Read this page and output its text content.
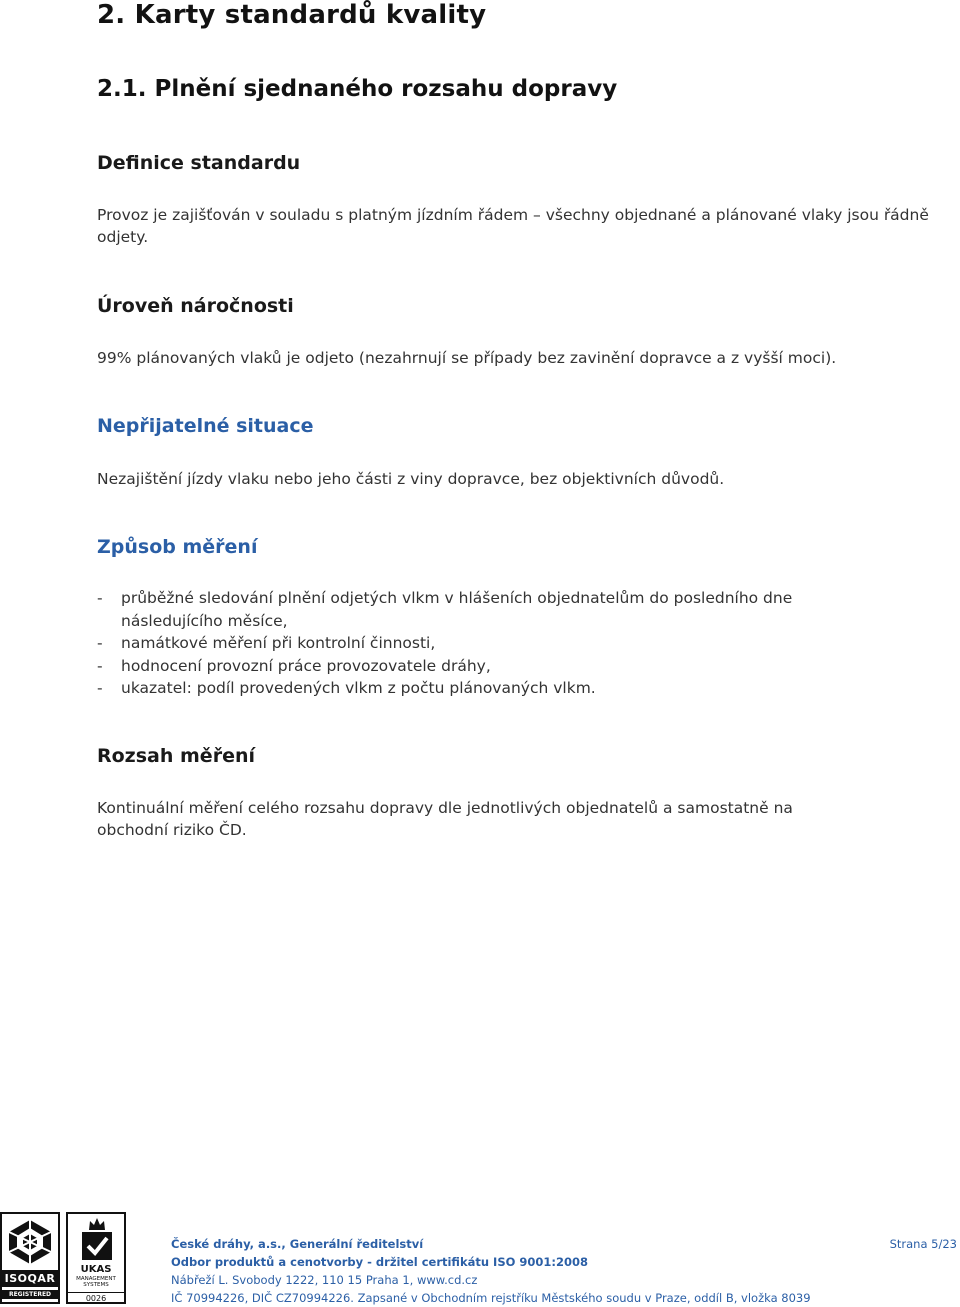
2. Karty standardů kvality
2.1. Plnění sjednaného rozsahu dopravy
Definice standardu
Provoz je zajišťován v souladu s platným jízdním řádem – všechny objednané a plánované vlaky jsou řádně odjety.
Úroveň náročnosti
99% plánovaných vlaků je odjeto (nezahrnují se případy bez zavinění dopravce a z vyšší moci).
Nepřijatelné situace
Nezajištění jízdy vlaku nebo jeho části z viny dopravce, bez objektivních důvodů.
Způsob měření
- průběžné sledování plnění odjetých vlkm v hlášeních objednatelům do posledního dne následujícího měsíce,
- namátkové měření při kontrolní činnosti,
- hodnocení provozní práce provozovatele dráhy,
- ukazatel: podíl provedených vlkm z počtu plánovaných vlkm.
Rozsah měření
Kontinuální měření celého rozsahu dopravy dle jednotlivých objednatelů a samostatně na obchodní riziko ČD.
ISOQAR
REGISTERED
UKAS
MANAGEMENT SYSTEMS
0026
České dráhy, a.s., Generální ředitelství
Odbor produktů a cenotvorby - držitel certifikátu ISO 9001:2008
Nábřeží L. Svobody 1222, 110 15 Praha 1, www.cd.cz
IČ 70994226, DIČ CZ70994226. Zapsané v Obchodním rejstříku Městského soudu v Praze, oddíl B, vložka 8039
Strana 5/23
